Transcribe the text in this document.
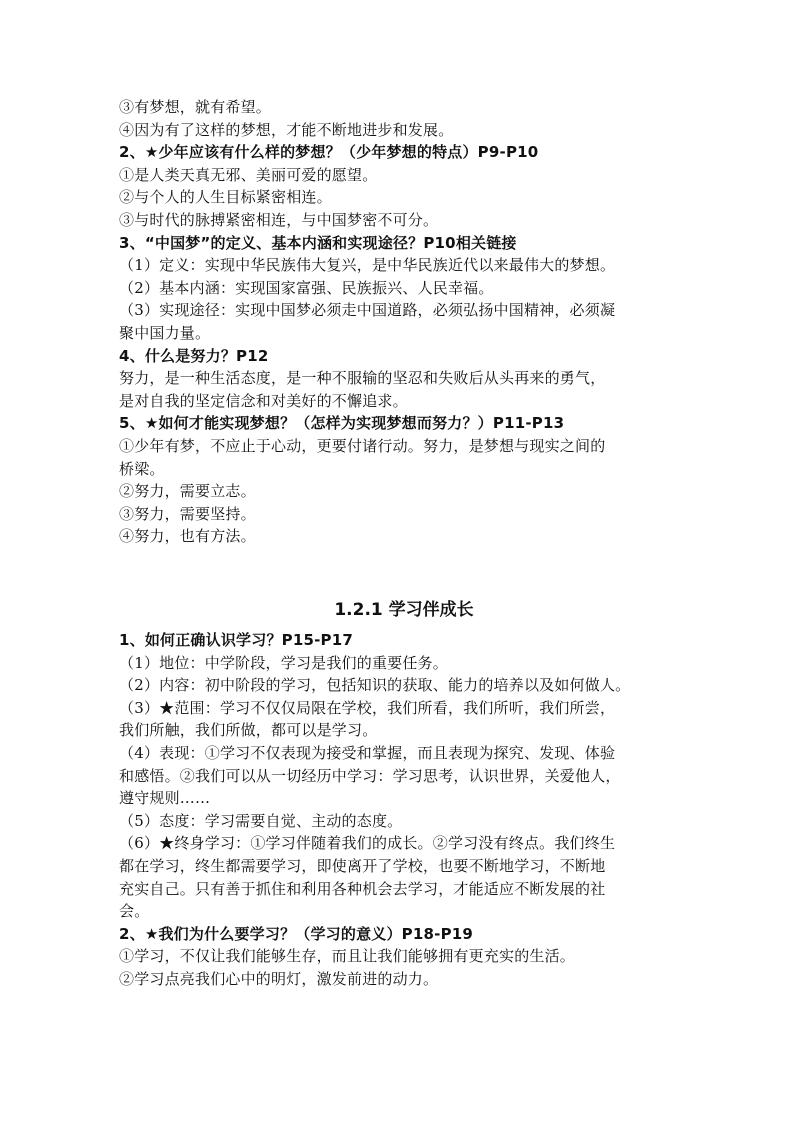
③有梦想，就有希望。
④因为有了这样的梦想，才能不断地进步和发展。
2、★少年应该有什么样的梦想？（少年梦想的特点）P9-P10
①是人类天真无邪、美丽可爱的愿望。
②与个人的人生目标紧密相连。
③与时代的脉搏紧密相连，与中国梦密不可分。
3、“中国梦”的定义、基本内涵和实现途径？P10相关链接
（1）定义：实现中华民族伟大复兴，是中华民族近代以来最伟大的梦想。
（2）基本内涵：实现国家富强、民族振兴、人民幸福。
（3）实现途径：实现中国梦必须走中国道路，必须弘扬中国精神，必须凝
聚中国力量。
4、什么是努力？P12
努力，是一种生活态度，是一种不服输的坚忍和失败后从头再来的勇气，
是对自我的坚定信念和对美好的不懈追求。
5、★如何才能实现梦想？（怎样为实现梦想而努力？）P11-P13
①少年有梦，不应止于心动，更要付诸行动。努力，是梦想与现实之间的
桥梁。
②努力，需要立志。
③努力，需要坚持。
④努力，也有方法。
1.2.1 学习伴成长
1、如何正确认识学习？P15-P17
（1）地位：中学阶段，学习是我们的重要任务。
（2）内容：初中阶段的学习，包括知识的获取、能力的培养以及如何做人。
（3）★范围：学习不仅仅局限在学校，我们所看，我们所听，我们所尝，
我们所触，我们所做，都可以是学习。
（4）表现：①学习不仅表现为接受和掌握，而且表现为探究、发现、体验
和感悟。②我们可以从一切经历中学习：学习思考，认识世界，关爱他人，
遵守规则……
（5）态度：学习需要自觉、主动的态度。
（6）★终身学习：①学习伴随着我们的成长。②学习没有终点。我们终生
都在学习，终生都需要学习，即使离开了学校，也要不断地学习，不断地
充实自己。只有善于抓住和利用各种机会去学习，才能适应不断发展的社
会。
2、★我们为什么要学习？（学习的意义）P18-P19
①学习，不仅让我们能够生存，而且让我们能够拥有更充实的生活。
②学习点亮我们心中的明灯，激发前进的动力。
